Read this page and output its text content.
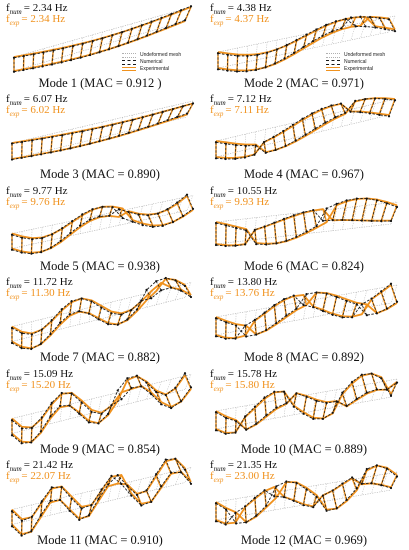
$f_{num} = 2.34$ Hz
$f_{exp} = 2.34$ Hz
Mode 1 (MAC = 0.912 )
Undeformed mesh
Numerical
Experimental
$f_{num} = 4.38$ Hz
$f_{exp} = 4.37$ Hz
Mode 2 (MAC = 0.971)
Undeformed mesh
Numerical
Experimental
$f_{num} = 6.07$ Hz
$f_{exp} = 6.02$ Hz
Mode 3 (MAC = 0.890)
$f_{num} = 7.12$ Hz
$f_{exp} = 7.11$ Hz
Mode 4 (MAC = 0.967)
$f_{num} = 9.77$ Hz
$f_{exp} = 9.76$ Hz
Mode 5 (MAC = 0.938)
$f_{num} = 10.55$ Hz
$f_{exp} = 9.93$ Hz
Mode 6 (MAC = 0.824)
$f_{num} = 11.72$ Hz
$f_{exp} = 11.30$ Hz
Mode 7 (MAC = 0.882)
$f_{num} = 13.80$ Hz
$f_{exp} = 13.76$ Hz
Mode 8 (MAC = 0.892)
$f_{num} = 15.09$ Hz
$f_{exp} = 15.20$ Hz
Mode 9 (MAC = 0.854)
$f_{num} = 15.78$ Hz
$f_{exp} = 15.80$ Hz
Mode 10 (MAC = 0.889)
$f_{num} = 21.42$ Hz
$f_{exp} = 22.07$ Hz
Mode 11 (MAC = 0.910)
$f_{num} = 21.35$ Hz
$f_{exp} = 23.00$ Hz
Mode 12 (MAC = 0.969)
